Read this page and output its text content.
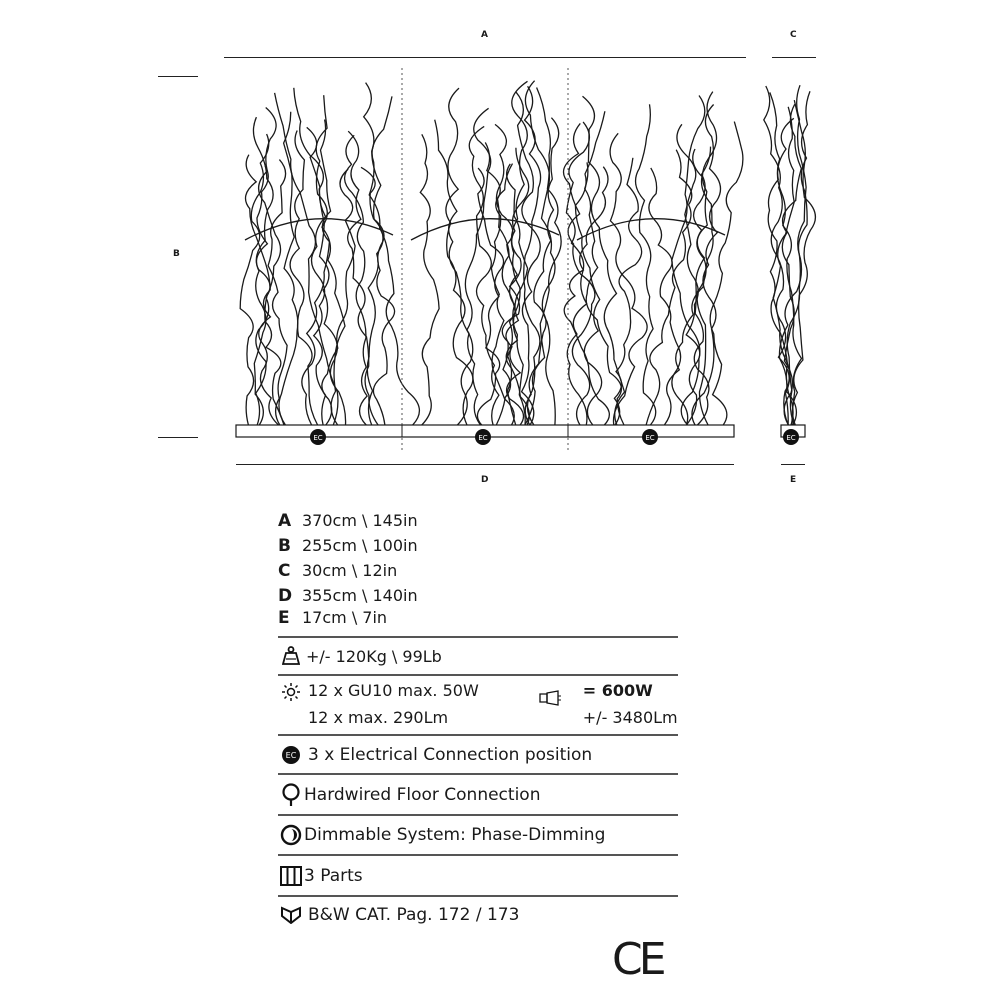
A	C
B
D	E
EC	EC	EC	EC
A 370cm \ 145in
B 255cm \ 100in
C 30cm \ 12in
D 355cm \ 140in
E 17cm \ 7in
+/- 120Kg \ 99Lb
12 x GU10 max. 50W
12 x max. 290Lm
= 600W
+/- 3480Lm
EC 3 x Electrical Connection position
Hardwired Floor Connection
Dimmable System: Phase-Dimming
3 Parts
B&W CAT. Pag. 172 / 173
CE
